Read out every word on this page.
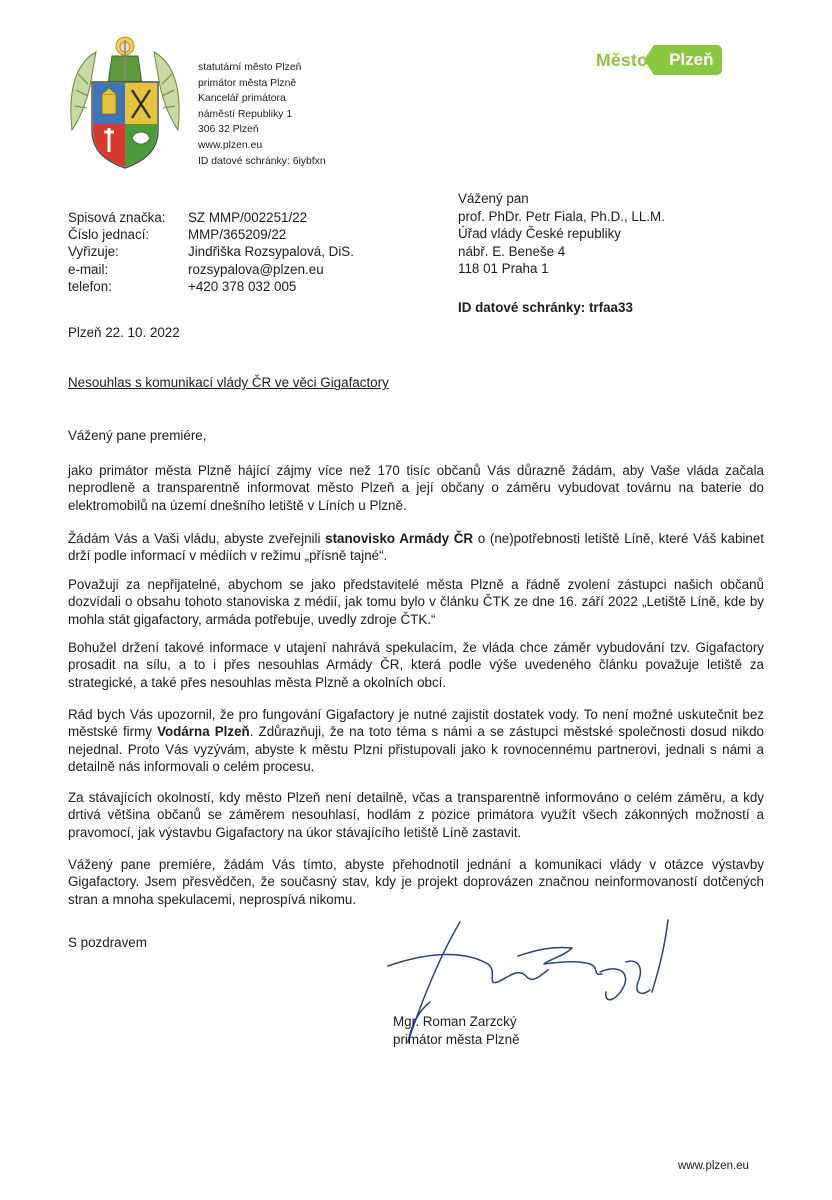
statutární město Plzeň
primátor města Plzně
Kancelář primátora
náměstí Republiky 1
306 32 Plzeň
www.plzen.eu
ID datové schránky: 6iybfxn
Město	Plzeň
Spisová značka:	SZ MMP/002251/22
Číslo jednací:	MMP/365209/22
Vyřizuje:	Jindřiška Rozsypalová, DiS.
e-mail:	rozsypalova@plzen.eu
telefon:	+420 378 032 005
Vážený pan
prof. PhDr. Petr Fiala, Ph.D., LL.M.
Úřad vlády České republiky
nábř. E. Beneše 4
118 01 Praha 1
ID datové schránky: trfaa33
Plzeň 22. 10. 2022
Nesouhlas s komunikací vlády ČR ve věci Gigafactory
Vážený pane premiére,
jako primátor města Plzně hájící zájmy více než 170 tisíc občanů Vás důrazně žádám, aby Vaše vláda začala neprodleně a transparentně informovat město Plzeň a její občany o záměru vybudovat továrnu na baterie do elektromobilů na území dnešního letiště v Líních u Plzně.
Žádám Vás a Vaši vládu, abyste zveřejnili stanovisko Armády ČR o (ne)potřebnosti letiště Líně, které Váš kabinet drží podle informací v médiích v režimu „přísně tajné“.
Považuji za nepřijatelné, abychom se jako představitelé města Plzně a řádně zvolení zástupci našich občanů dozvídali o obsahu tohoto stanoviska z médií, jak tomu bylo v článku ČTK ze dne 16. září 2022 „Letiště Líně, kde by mohla stát gigafactory, armáda potřebuje, uvedly zdroje ČTK.“
Bohužel držení takové informace v utajení nahrává spekulacím, že vláda chce záměr vybudování tzv. Gigafactory prosadit na sílu, a to i přes nesouhlas Armády ČR, která podle výše uvedeného článku považuje letiště za strategické, a také přes nesouhlas města Plzně a okolních obcí.
Rád bych Vás upozornil, že pro fungování Gigafactory je nutné zajistit dostatek vody. To není možné uskutečnit bez městské firmy Vodárna Plzeň. Zdůrazňuji, že na toto téma s námi a se zástupci městské společnosti dosud nikdo nejednal. Proto Vás vyzývám, abyste k městu Plzni přistupovali jako k rovnocennému partnerovi, jednali s námi a detailně nás informovali o celém procesu.
Za stávajících okolností, kdy město Plzeň není detailně, včas a transparentně informováno o celém záměru, a kdy drtivá většina občanů se záměrem nesouhlasí, hodlám z pozice primátora využít všech zákonných možností a pravomocí, jak výstavbu Gigafactory na úkor stávajícího letiště Líně zastavit.
Vážený pane premiére, žádám Vás tímto, abyste přehodnotil jednání a komunikaci vlády v otázce výstavby Gigafactory. Jsem přesvědčen, že současný stav, kdy je projekt doprovázen značnou neinformovaností dotčených stran a mnoha spekulacemi, neprospívá nikomu.
S pozdravem
Mgr. Roman Zarzcký
primátor města Plzně
www.plzen.eu
